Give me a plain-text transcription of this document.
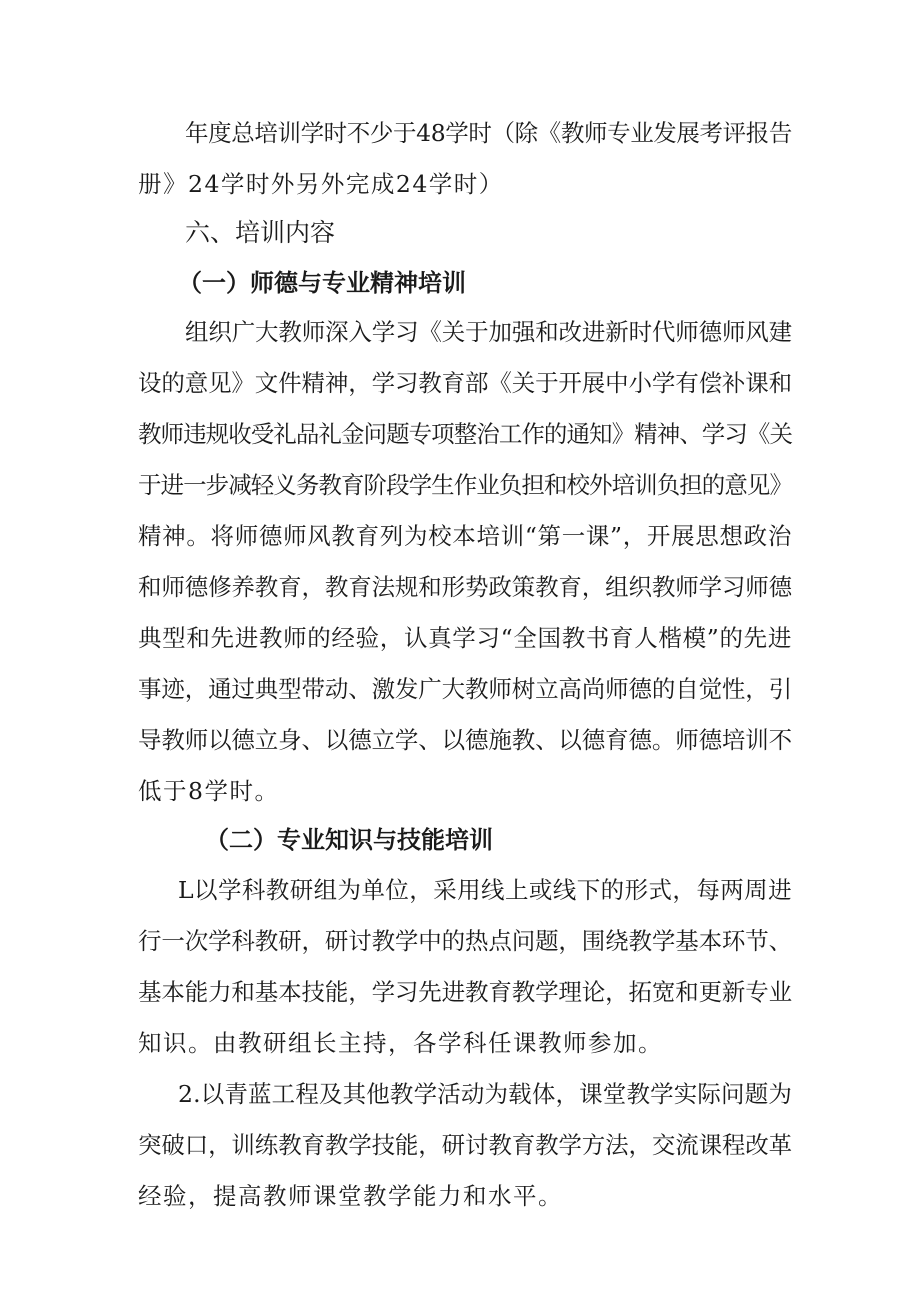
年度总培训学时不少于48学时（除《教师专业发展考评报告
册》24学时外另外完成24学时）
六、培训内容
（一）师德与专业精神培训
组织广大教师深入学习《关于加强和改进新时代师德师风建
设的意见》文件精神，学习教育部《关于开展中小学有偿补课和
教师违规收受礼品礼金问题专项整治工作的通知》精神、学习《关
于进一步减轻义务教育阶段学生作业负担和校外培训负担的意见》
精神。将师德师风教育列为校本培训“第一课”，开展思想政治
和师德修养教育，教育法规和形势政策教育，组织教师学习师德
典型和先进教师的经验，认真学习“全国教书育人楷模”的先进
事迹，通过典型带动、激发广大教师树立高尚师德的自觉性，引
导教师以德立身、以德立学、以德施教、以德育德。师德培训不
低于8学时。
（二）专业知识与技能培训
L以学科教研组为单位，采用线上或线下的形式，每两周进
行一次学科教研，研讨教学中的热点问题，围绕教学基本环节、
基本能力和基本技能，学习先进教育教学理论，拓宽和更新专业
知识。由教研组长主持，各学科任课教师参加。
2.以青蓝工程及其他教学活动为载体，课堂教学实际问题为
突破口，训练教育教学技能，研讨教育教学方法，交流课程改革
经验，提高教师课堂教学能力和水平。
